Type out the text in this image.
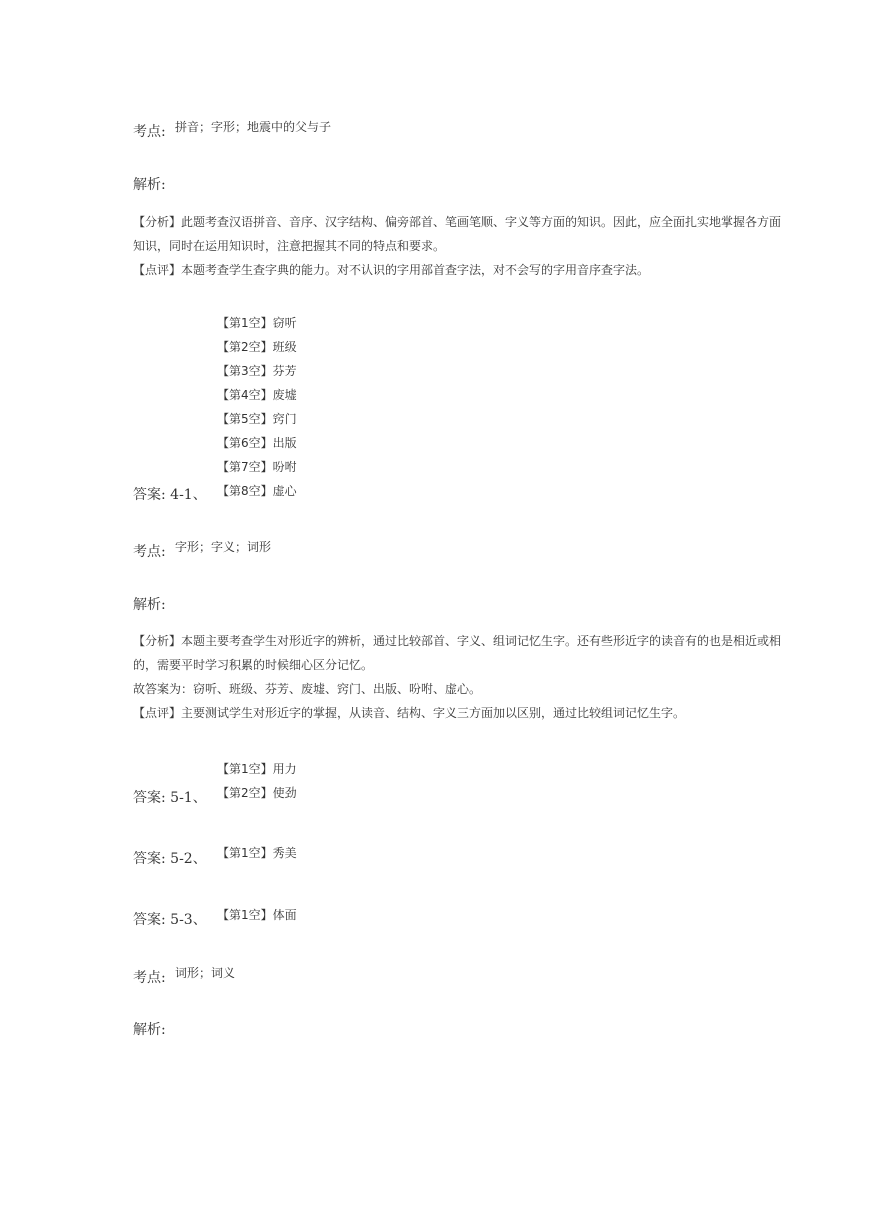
考点: 拼音；字形；地震中的父与子
解析:
【分析】此题考查汉语拼音、音序、汉字结构、偏旁部首、笔画笔顺、字义等方面的知识。因此，应全面扎实地掌握各方面
知识，同时在运用知识时，注意把握其不同的特点和要求。
【点评】本题考查学生查字典的能力。对不认识的字用部首查字法，对不会写的字用音序查字法。
【第1空】窃听
【第2空】班级
【第3空】芬芳
【第4空】废墟
【第5空】窍门
【第6空】出版
【第7空】吩咐
【第8空】虚心
答案: 4-1、
考点: 字形；字义；词形
解析:
【分析】本题主要考查学生对形近字的辨析，通过比较部首、字义、组词记忆生字。还有些形近字的读音有的也是相近或相
的，需要平时学习积累的时候细心区分记忆。
故答案为：窃听、班级、芬芳、废墟、窍门、出版、吩咐、虚心。
【点评】主要测试学生对形近字的掌握，从读音、结构、字义三方面加以区别，通过比较组词记忆生字。
【第1空】用力
【第2空】使劲
答案: 5-1、
【第1空】秀美
答案: 5-2、
【第1空】体面
答案: 5-3、
考点: 词形；词义
解析:
